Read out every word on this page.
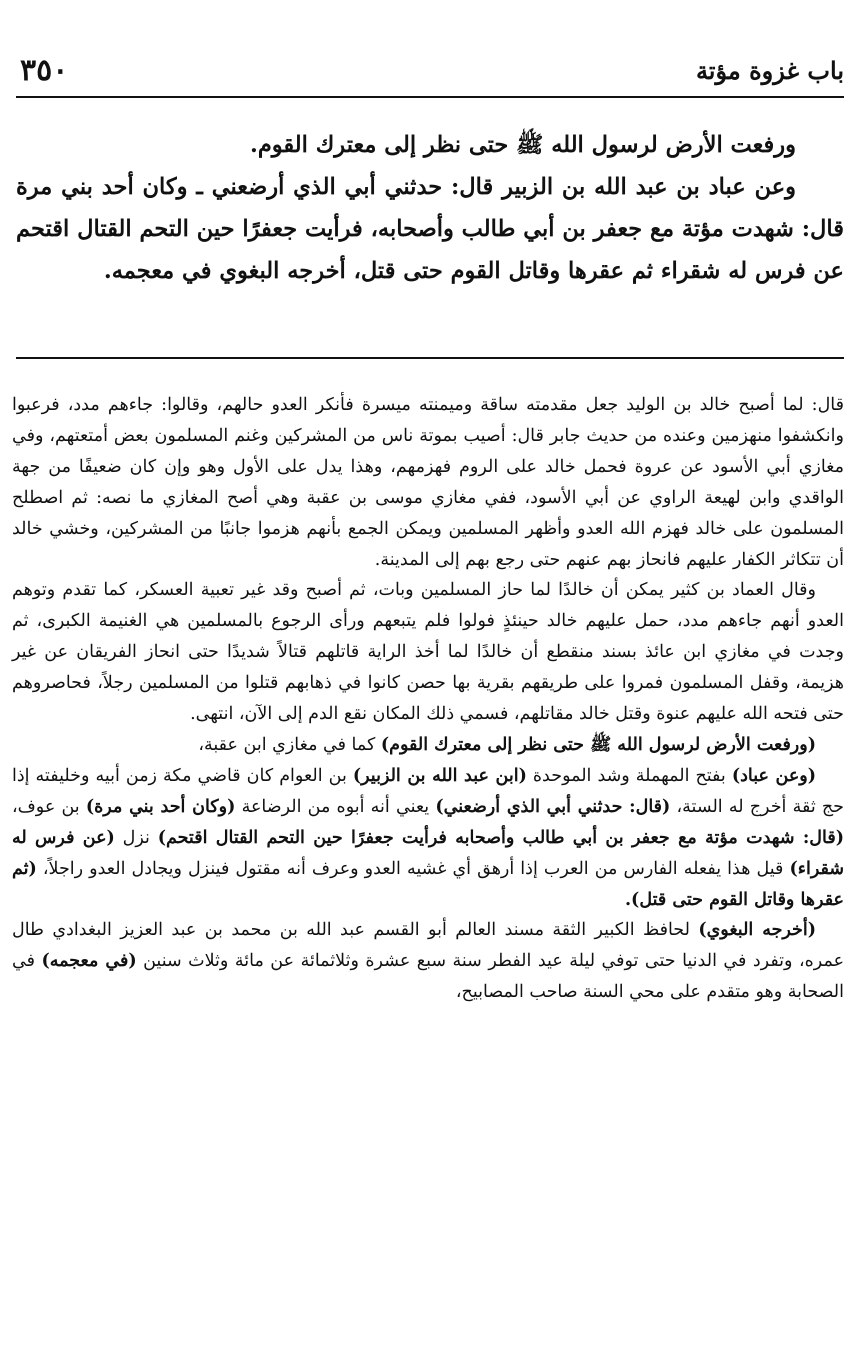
باب غزوة مؤتة
٣٥٠

ورفعت الأرض لرسول الله ﷺ حتى نظر إلى معترك القوم.

وعن عباد بن عبد الله بن الزبير قال: حدثني أبي الذي أرضعني ـ وكان أحد بني مرة قال: شهدت مؤتة مع جعفر بن أبي طالب وأصحابه، فرأيت جعفرًا حين التحم القتال اقتحم عن فرس له شقراء ثم عقرها وقاتل القوم حتى قتل، أخرجه البغوي في معجمه.

قال: لما أصبح خالد بن الوليد جعل مقدمته ساقة وميمنته ميسرة فأنكر العدو حالهم، وقالوا: جاءهم مدد، فرعبوا وانكشفوا منهزمين وعنده من حديث جابر قال: أصيب بموتة ناس من المشركين وغنم المسلمون بعض أمتعتهم، وفي مغازي أبي الأسود عن عروة فحمل خالد على الروم فهزمهم، وهذا يدل على الأول وهو وإن كان ضعيفًا من جهة الواقدي وابن لهيعة الراوي عن أبي الأسود، ففي مغازي موسى بن عقبة وهي أصح المغازي ما نصه: ثم اصطلح المسلمون على خالد فهزم الله العدو وأظهر المسلمين ويمكن الجمع بأنهم هزموا جانبًا من المشركين، وخشي خالد أن تتكاثر الكفار عليهم فانحاز بهم عنهم حتى رجع بهم إلى المدينة.

وقال العماد بن كثير يمكن أن خالدًا لما حاز المسلمين وبات، ثم أصبح وقد غير تعبية العسكر، كما تقدم وتوهم العدو أنهم جاءهم مدد، حمل عليهم خالد حينئذٍ فولوا فلم يتبعهم ورأى الرجوع بالمسلمين هي الغنيمة الكبرى، ثم وجدت في مغازي ابن عائذ بسند منقطع أن خالدًا لما أخذ الراية قاتلهم قتالاً شديدًا حتى انحاز الفريقان عن غير هزيمة، وقفل المسلمون فمروا على طريقهم بقرية بها حصن كانوا في ذهابهم قتلوا من المسلمين رجلاً، فحاصروهم حتى فتحه الله عليهم عنوة وقتل خالد مقاتلهم، فسمي ذلك المكان نقع الدم إلى الآن، انتهى.

(ورفعت الأرض لرسول الله ﷺ حتى نظر إلى معترك القوم) كما في مغازي ابن عقبة،

(وعن عباد) بفتح المهملة وشد الموحدة (ابن عبد الله بن الزبير) بن العوام كان قاضي مكة زمن أبيه وخليفته إذا حج ثقة أخرج له الستة، (قال: حدثني أبي الذي أرضعني) يعني أنه أبوه من الرضاعة (وكان أحد بني مرة) بن عوف، (قال: شهدت مؤتة مع جعفر بن أبي طالب وأصحابه فرأيت جعفرًا حين التحم القتال اقتحم) نزل (عن فرس له شقراء) قيل هذا يفعله الفارس من العرب إذا أرهق أي غشيه العدو وعرف أنه مقتول فينزل ويجادل العدو راجلاً، (ثم عقرها وقاتل القوم حتى قتل).

(أخرجه البغوي) لحافظ الكبير الثقة مسند العالم أبو القسم عبد الله بن محمد بن عبد العزيز البغدادي طال عمره، وتفرد في الدنيا حتى توفي ليلة عيد الفطر سنة سبع عشرة وثلاثمائة عن مائة وثلاث سنين (في معجمه) في الصحابة وهو متقدم على محي السنة صاحب المصابيح،
